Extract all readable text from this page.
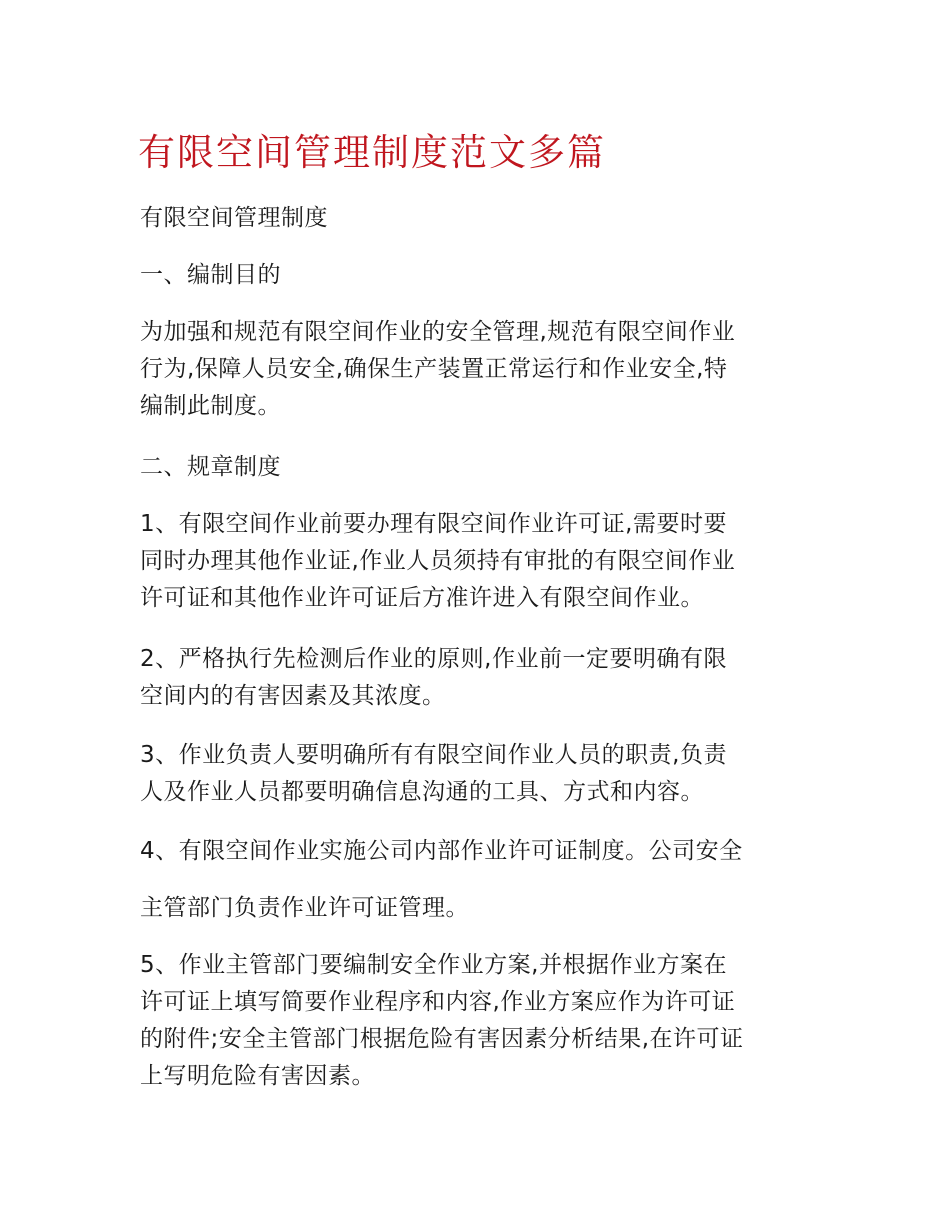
有限空间管理制度范文多篇

有限空间管理制度

一、编制目的

为加强和规范有限空间作业的安全管理,规范有限空间作业
行为,保障人员安全,确保生产装置正常运行和作业安全,特
编制此制度。

二、规章制度

1、有限空间作业前要办理有限空间作业许可证,需要时要
同时办理其他作业证,作业人员须持有审批的有限空间作业
许可证和其他作业许可证后方准许进入有限空间作业。

2、严格执行先检测后作业的原则,作业前一定要明确有限
空间内的有害因素及其浓度。

3、作业负责人要明确所有有限空间作业人员的职责,负责
人及作业人员都要明确信息沟通的工具、方式和内容。

4、有限空间作业实施公司内部作业许可证制度。公司安全

主管部门负责作业许可证管理。

5、作业主管部门要编制安全作业方案,并根据作业方案在
许可证上填写简要作业程序和内容,作业方案应作为许可证
的附件;安全主管部门根据危险有害因素分析结果,在许可证
上写明危险有害因素。
